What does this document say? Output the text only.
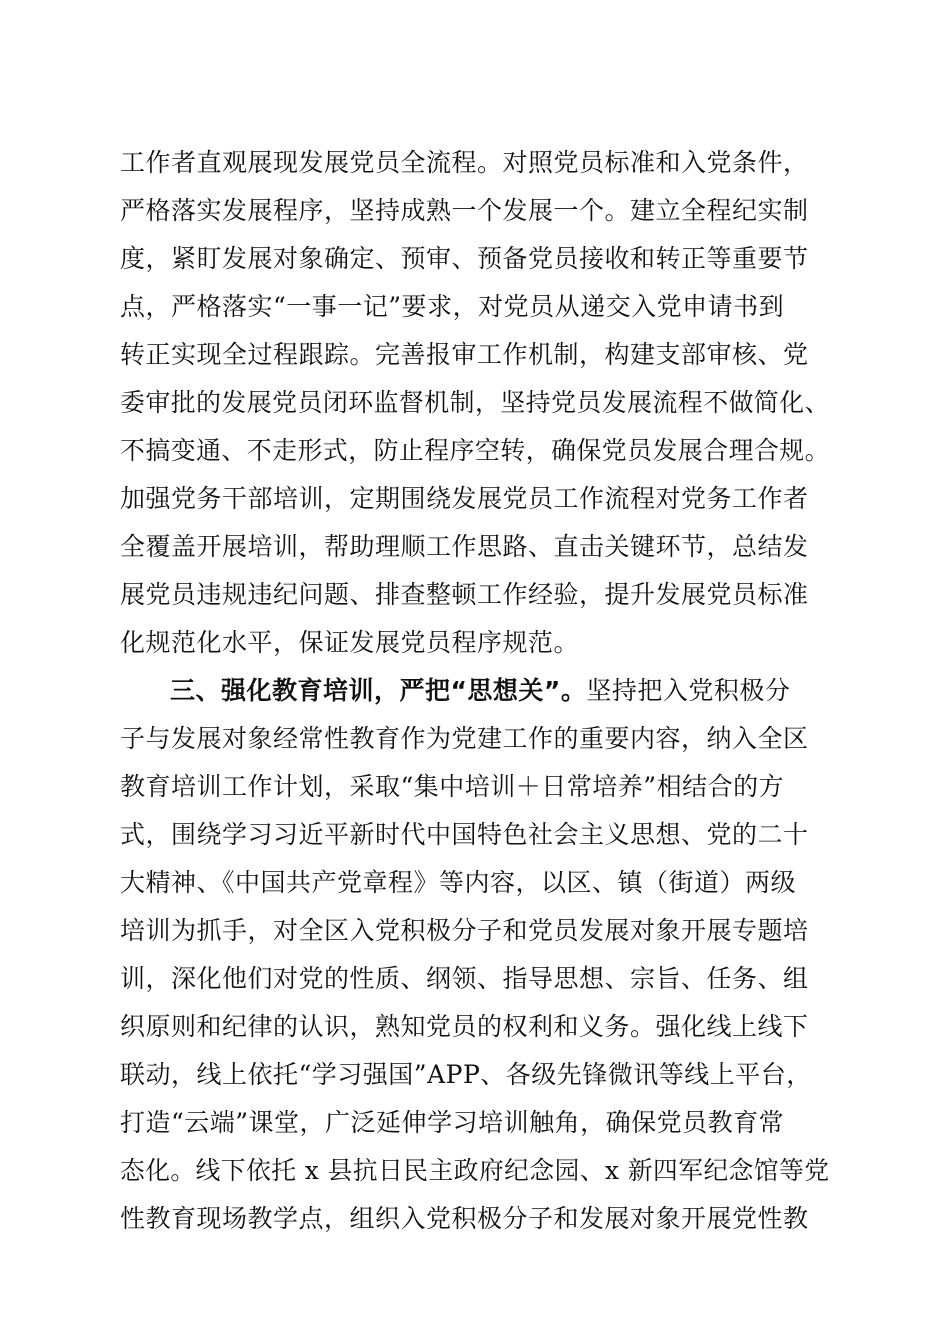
工作者直观展现发展党员全流程。对照党员标准和入党条件，
严格落实发展程序，坚持成熟一个发展一个。建立全程纪实制
度，紧盯发展对象确定、预审、预备党员接收和转正等重要节
点，严格落实“一事一记”要求，对党员从递交入党申请书到
转正实现全过程跟踪。完善报审工作机制，构建支部审核、党
委审批的发展党员闭环监督机制，坚持党员发展流程不做简化、
不搞变通、不走形式，防止程序空转，确保党员发展合理合规。
加强党务干部培训，定期围绕发展党员工作流程对党务工作者
全覆盖开展培训，帮助理顺工作思路、直击关键环节，总结发
展党员违规违纪问题、排查整顿工作经验，提升发展党员标准
化规范化水平，保证发展党员程序规范。
三、强化教育培训，严把“思想关”。坚持把入党积极分
子与发展对象经常性教育作为党建工作的重要内容，纳入全区
教育培训工作计划，采取“集中培训＋日常培养”相结合的方
式，围绕学习习近平新时代中国特色社会主义思想、党的二十
大精神、《中国共产党章程》等内容，以区、镇（街道）两级
培训为抓手，对全区入党积极分子和党员发展对象开展专题培
训，深化他们对党的性质、纲领、指导思想、宗旨、任务、组
织原则和纪律的认识，熟知党员的权利和义务。强化线上线下
联动，线上依托“学习强国”APP、各级先锋微讯等线上平台，
打造“云端”课堂，广泛延伸学习培训触角，确保党员教育常
态化。线下依托 x 县抗日民主政府纪念园、x 新四军纪念馆等党
性教育现场教学点，组织入党积极分子和发展对象开展党性教
